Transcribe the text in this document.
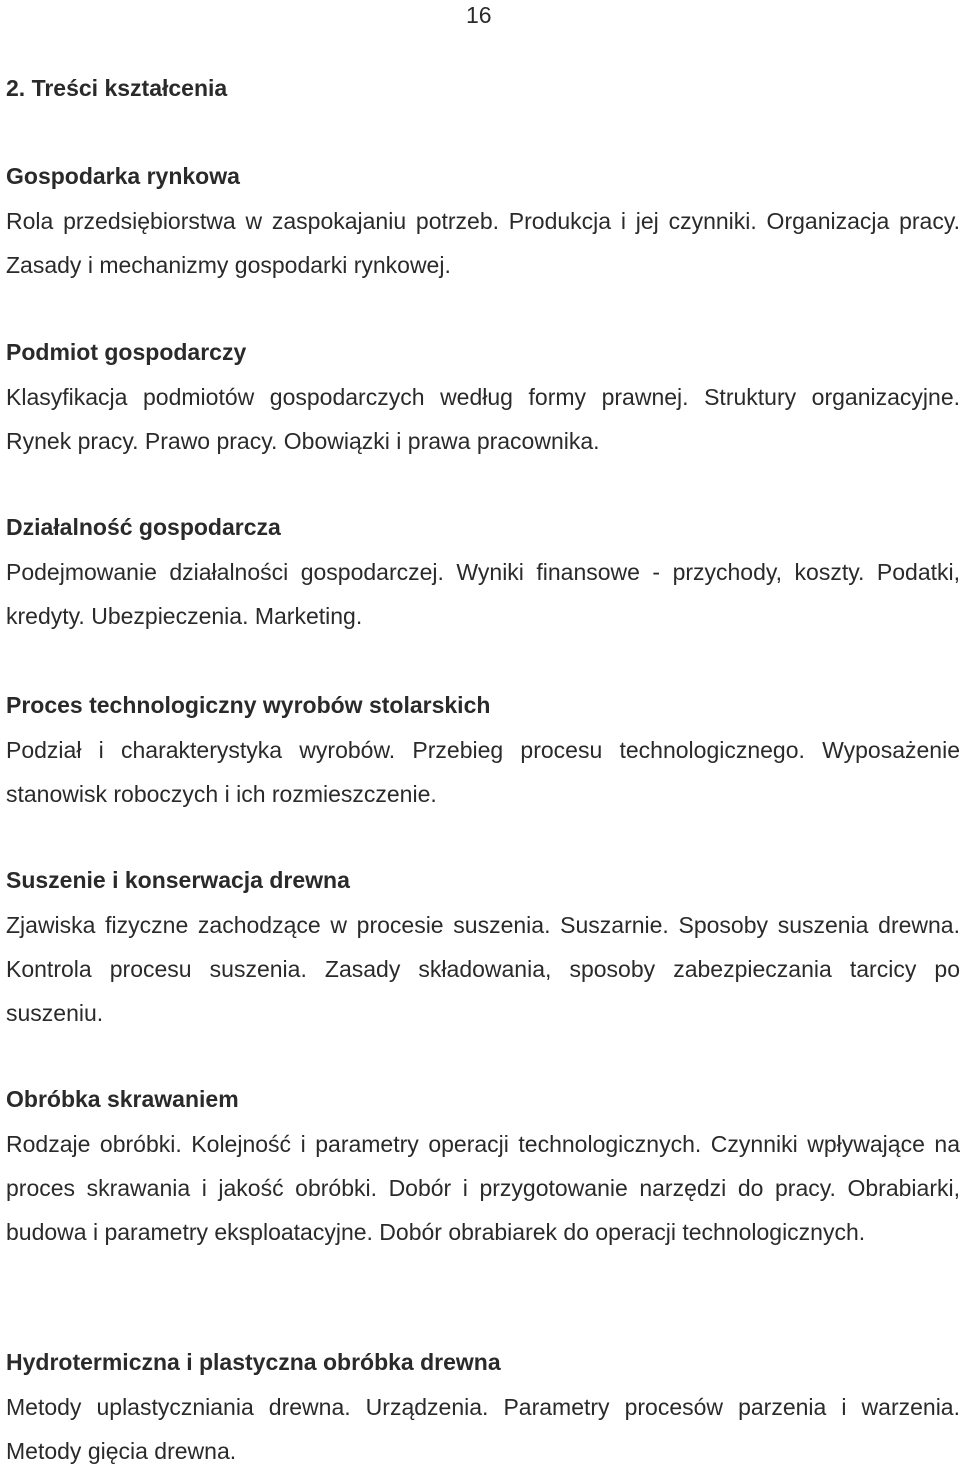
16
2. Treści kształcenia
Gospodarka rynkowa

Rola przedsiębiorstwa w zaspokajaniu potrzeb. Produkcja i jej czynniki. Organizacja pracy. Zasady i mechanizmy gospodarki rynkowej.

Podmiot gospodarczy

Klasyfikacja podmiotów gospodarczych według formy prawnej. Struktury organizacyjne. Rynek pracy. Prawo pracy. Obowiązki i prawa pracownika.

Działalność gospodarcza

Podejmowanie działalności gospodarczej. Wyniki finansowe - przychody, koszty. Podatki, kredyty. Ubezpieczenia. Marketing.

Proces technologiczny wyrobów stolarskich

Podział i charakterystyka wyrobów. Przebieg procesu technologicznego. Wyposażenie stanowisk roboczych i ich rozmieszczenie.

Suszenie i konserwacja drewna

Zjawiska fizyczne zachodzące w procesie suszenia. Suszarnie. Sposoby suszenia drewna. Kontrola procesu suszenia. Zasady składowania, sposoby zabezpieczania tarcicy po suszeniu.

Obróbka skrawaniem

Rodzaje obróbki. Kolejność i parametry operacji technologicznych. Czynniki wpływające na proces skrawania i jakość obróbki. Dobór i przygotowanie narzędzi do pracy. Obrabiarki, budowa i parametry eksploatacyjne. Dobór obrabiarek do operacji technologicznych.

Hydrotermiczna i plastyczna obróbka drewna

Metody uplastyczniania drewna. Urządzenia. Parametry procesów parzenia i warzenia. Metody gięcia drewna.
